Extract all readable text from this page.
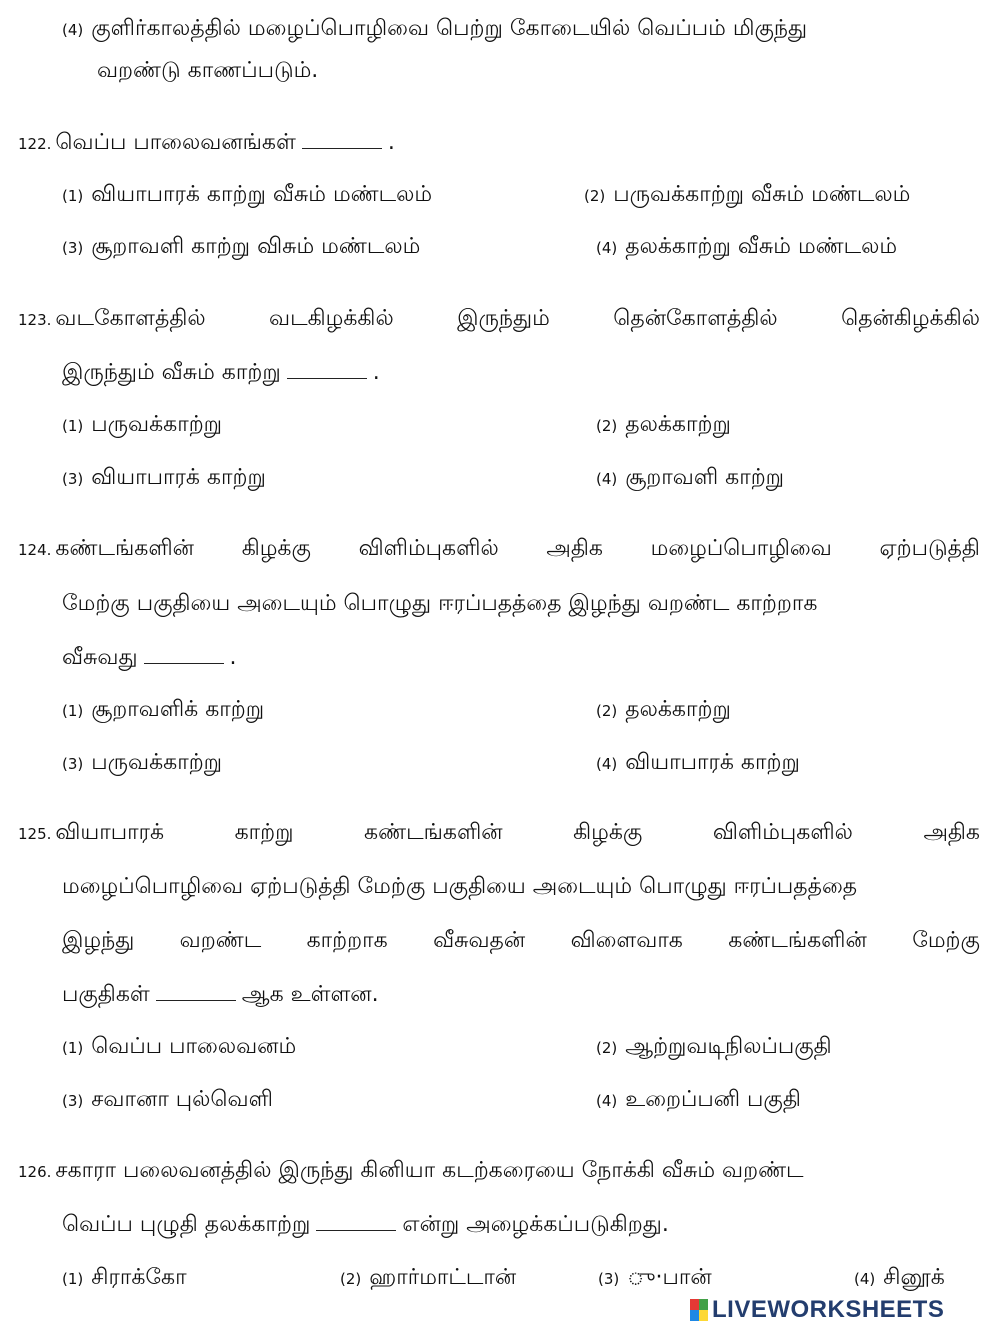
(4) குளிர்காலத்தில் மழைப்பொழிவை பெற்று கோடையில் வெப்பம் மிகுந்து
வறண்டு காணப்படும்.
122. வெப்ப பாலைவனங்கள்	.
(1) வியாபாரக் காற்று வீசும் மண்டலம்	(2) பருவக்காற்று வீசும் மண்டலம்
(3) சூறாவளி காற்று விசும் மண்டலம்	(4) தலக்காற்று வீசும் மண்டலம்
123. வடகோளத்தில்	வடகிழக்கில்	இருந்தும்	தென்கோளத்தில்	தென்கிழக்கில்
இருந்தும் வீசும் காற்று	.
(1) பருவக்காற்று	(2) தலக்காற்று
(3) வியாபாரக் காற்று	(4) சூறாவளி காற்று
124. கண்டங்களின் கிழக்கு விளிம்புகளில் அதிக மழைப்பொழிவை ஏற்படுத்தி
மேற்கு பகுதியை அடையும் பொழுது ஈரப்பதத்தை இழந்து வறண்ட காற்றாக
வீசுவது	.
(1) சூறாவளிக் காற்று	(2) தலக்காற்று
(3) பருவக்காற்று	(4) வியாபாரக் காற்று
125. வியாபாரக்	காற்று	கண்டங்களின்	கிழக்கு	விளிம்புகளில்	அதிக
மழைப்பொழிவை ஏற்படுத்தி மேற்கு பகுதியை அடையும் பொழுது ஈரப்பதத்தை
இழந்து வறண்ட காற்றாக வீசுவதன் விளைவாக கண்டங்களின் மேற்கு
பகுதிகள்	ஆக உள்ளன.
(1) வெப்ப பாலைவனம்	(2) ஆற்றுவடிநிலப்பகுதி
(3) சவானா புல்வெளி	(4) உறைப்பனி பகுதி
126. சகாரா பலைவனத்தில் இருந்து கினியா கடற்கரையை நோக்கி வீசும் வறண்ட
வெப்ப புழுதி தலக்காற்று	என்று அழைக்கப்படுகிறது.
(1) சிராக்கோ	(2) ஹார்மாட்டான்	(3) ு·பான்	(4) சினூக்
LIVEWORKSHEETS
